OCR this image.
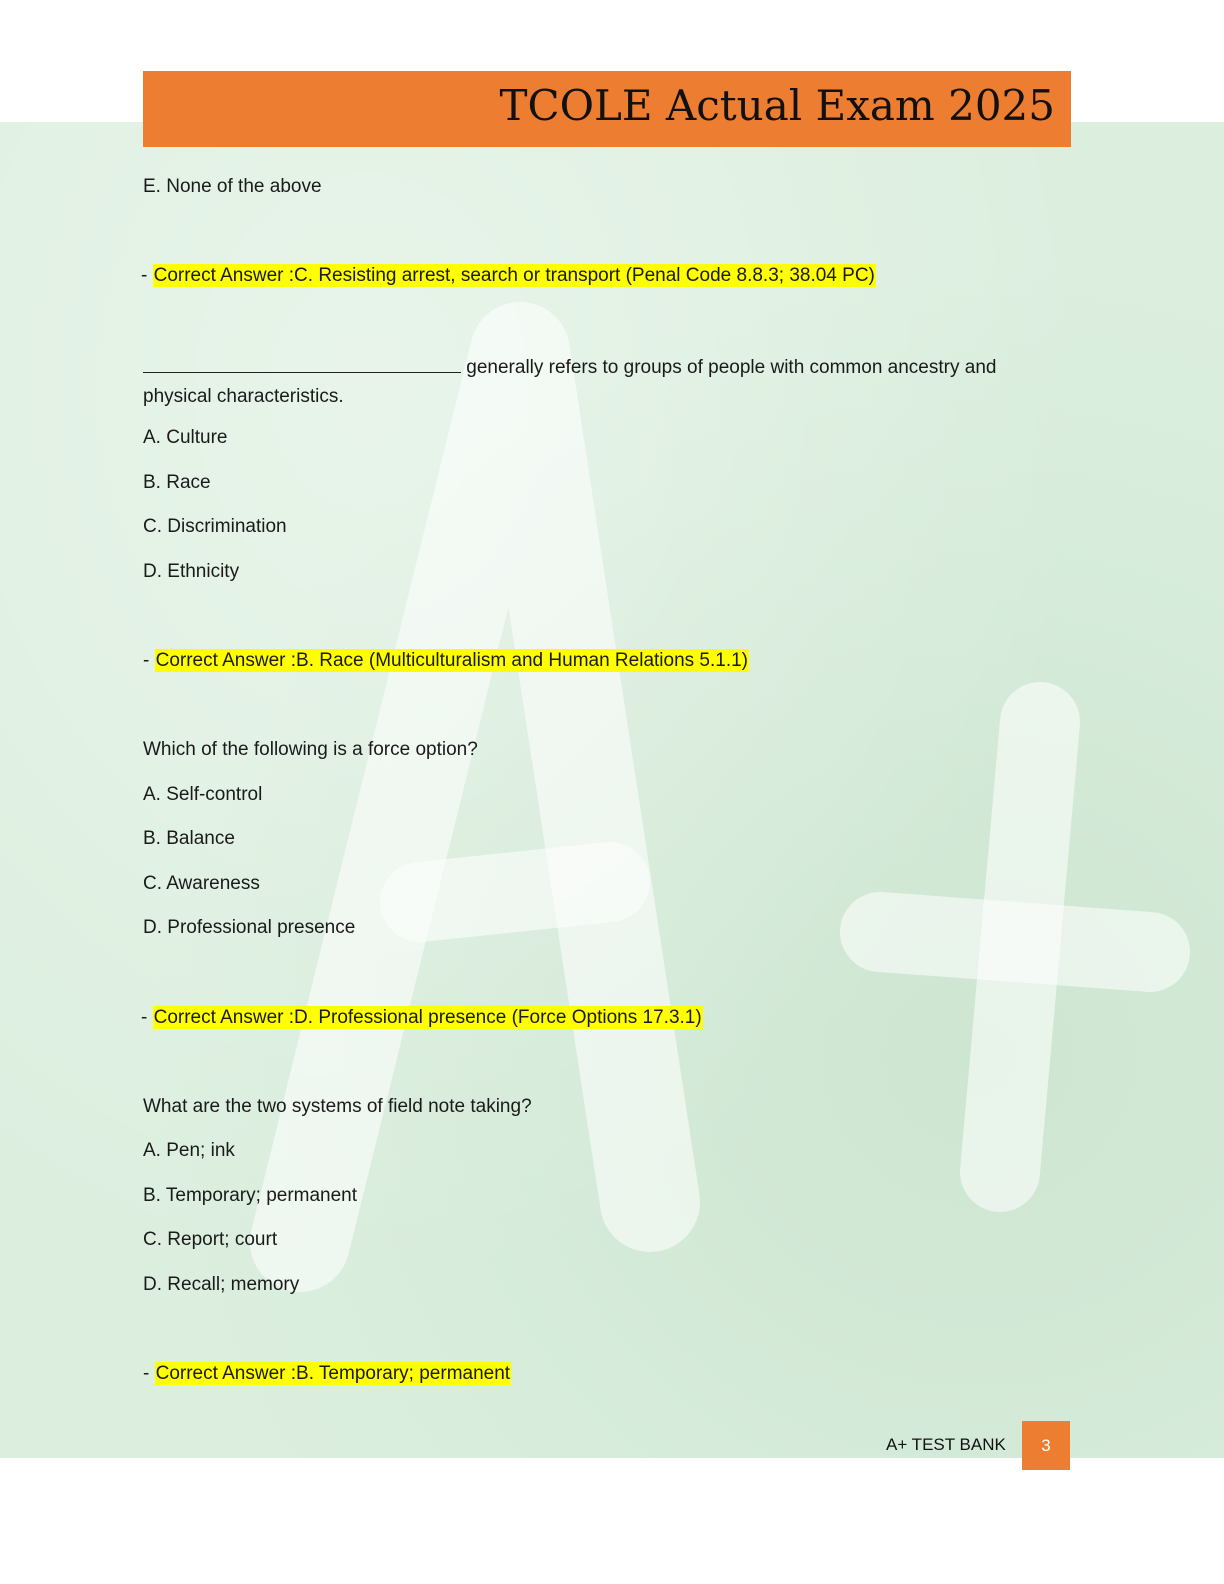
TCOLE Actual Exam 2025
E. None of the above
- Correct Answer :C. Resisting arrest, search or transport (Penal Code 8.8.3; 38.04 PC)
generally refers to groups of people with common ancestry and physical characteristics.
A. Culture
B. Race
C. Discrimination
D. Ethnicity
- Correct Answer :B. Race (Multiculturalism and Human Relations 5.1.1)
Which of the following is a force option?
A. Self-control
B. Balance
C. Awareness
D. Professional presence
- Correct Answer :D. Professional presence (Force Options 17.3.1)
What are the two systems of field note taking?
A. Pen; ink
B. Temporary; permanent
C. Report; court
D. Recall; memory
- Correct Answer :B. Temporary; permanent
A+ TEST BANK	3
